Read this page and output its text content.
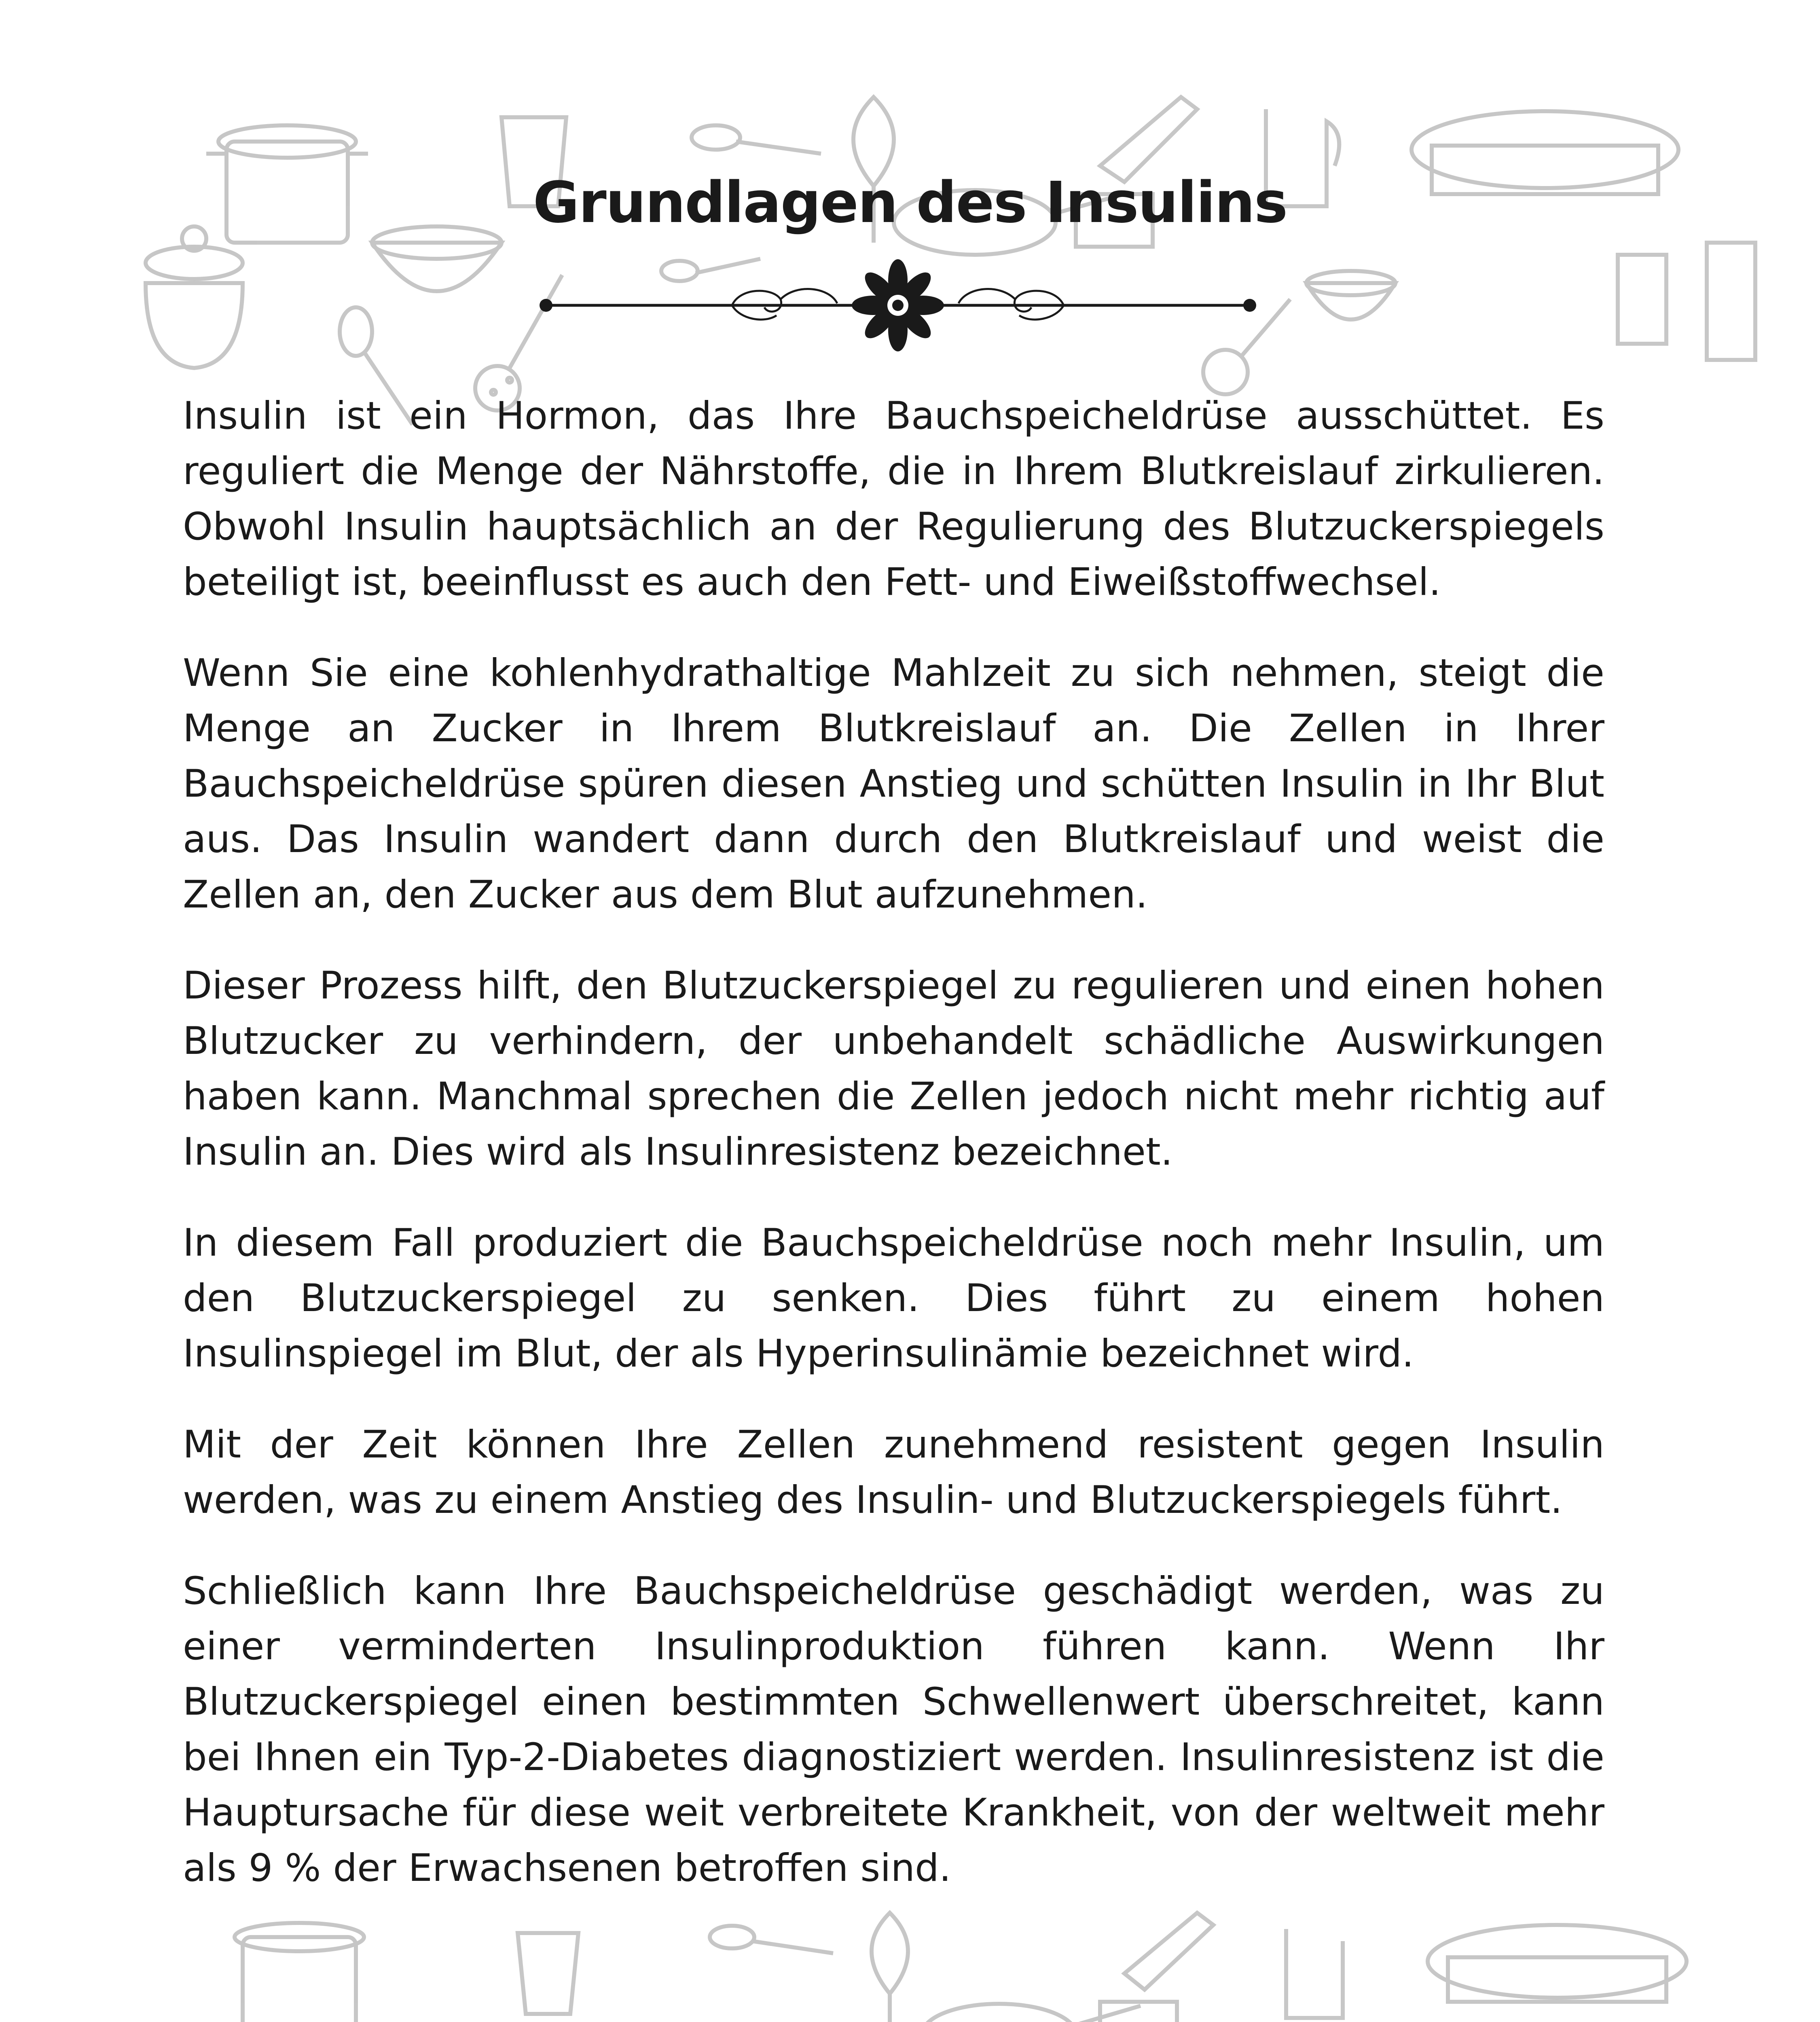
Grundlagen des Insulins

Insulin ist ein Hormon, das Ihre Bauchspeicheldrüse ausschüttet. Es reguliert die Menge der Nährstoffe, die in Ihrem Blutkreislauf zirkulieren. Obwohl Insulin hauptsächlich an der Regulierung des Blutzuckerspiegels beteiligt ist, beeinflusst es auch den Fett- und Eiweißstoffwechsel.

Wenn Sie eine kohlenhydrathaltige Mahlzeit zu sich nehmen, steigt die Menge an Zucker in Ihrem Blutkreislauf an. Die Zellen in Ihrer Bauchspeicheldrüse spüren diesen Anstieg und schütten Insulin in Ihr Blut aus. Das Insulin wandert dann durch den Blutkreislauf und weist die Zellen an, den Zucker aus dem Blut aufzunehmen.

Dieser Prozess hilft, den Blutzuckerspiegel zu regulieren und einen hohen Blutzucker zu verhindern, der unbehandelt schädliche Auswirkungen haben kann. Manchmal sprechen die Zellen jedoch nicht mehr richtig auf Insulin an. Dies wird als Insulinresistenz bezeichnet.

In diesem Fall produziert die Bauchspeicheldrüse noch mehr Insulin, um den Blutzuckerspiegel zu senken. Dies führt zu einem hohen Insulinspiegel im Blut, der als Hyperinsulinämie bezeichnet wird.

Mit der Zeit können Ihre Zellen zunehmend resistent gegen Insulin werden, was zu einem Anstieg des Insulin- und Blutzuckerspiegels führt.

Schließlich kann Ihre Bauchspeicheldrüse geschädigt werden, was zu einer verminderten Insulinproduktion führen kann. Wenn Ihr Blutzuckerspiegel einen bestimmten Schwellenwert überschreitet, kann bei Ihnen ein Typ-2-Diabetes diagnostiziert werden. Insulinresistenz ist die Hauptursache für diese weit verbreitete Krankheit, von der weltweit mehr als 9 % der Erwachsenen betroffen sind.
